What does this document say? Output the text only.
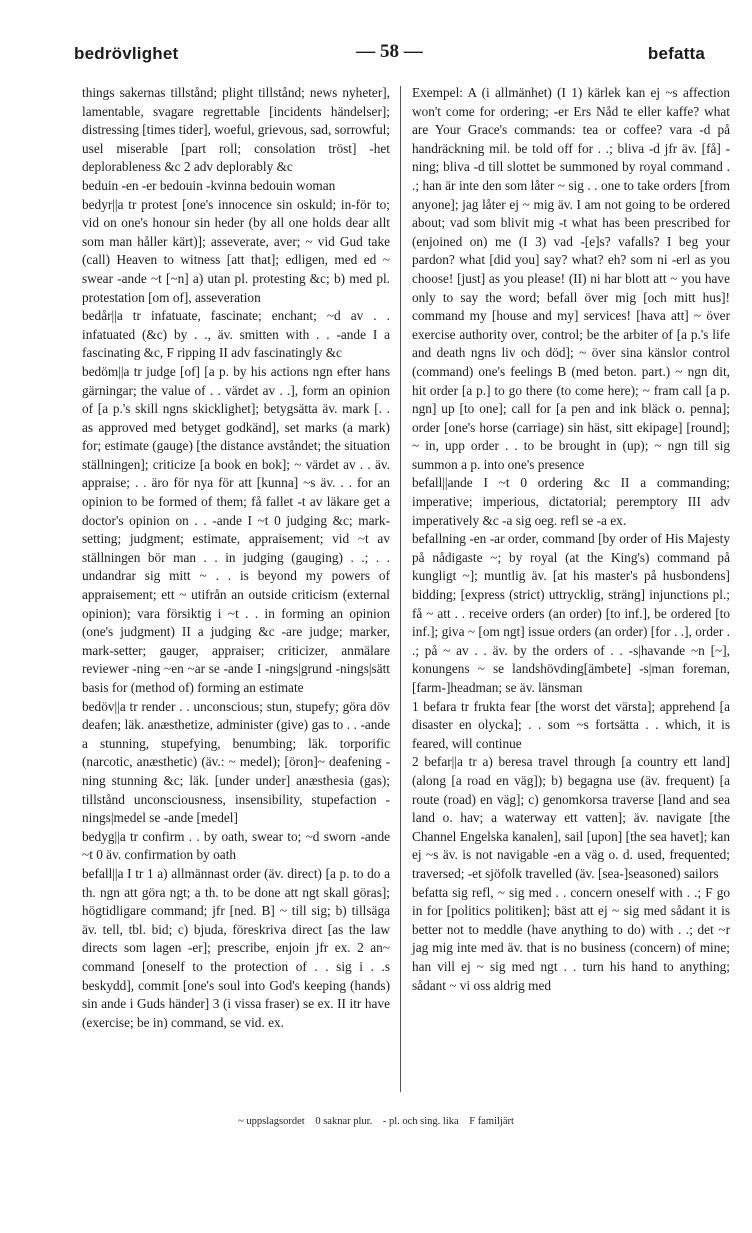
bedrövlighet	— 58 —	befatta

things sakernas tillstånd; plight tillstånd; news nyheter], lamentable, svagare regrettable [incidents händelser]; distressing [times tider], woeful, grievous, sad, sorrowful; usel miserable [part roll; consolation tröst] -het deplorableness &c 2 adv deplorably &c

beduin -en -er bedouin -kvinna bedouin woman

bedyr||a tr protest [one's innocence sin oskuld; in-för to; vid on one's honour sin heder (by all one holds dear allt som man håller kärt)]; asseverate, aver; ~ vid Gud take (call) Heaven to witness [att that]; edligen, med ed ~ swear -ande ~t [~n] a) utan pl. protesting &c; b) med pl. protestation [om of], asseveration

bedår||a tr infatuate, fascinate; enchant; ~d av . . infatuated (&c) by . ., äv. smitten with . . -ande I a fascinating &c, F ripping II adv fascinatingly &c

bedöm||a tr judge [of] [a p. by his actions ngn efter hans gärningar; the value of . . värdet av . .], form an opinion of [a p.'s skill ngns skicklighet]; betygsätta äv. mark [. . as approved med betyget godkänd], set marks (a mark) for; estimate (gauge) [the distance avståndet; the situation ställningen]; criticize [a book en bok]; ~ värdet av . . äv. appraise; . . äro för nya för att [kunna] ~s äv. . . for an opinion to be formed of them; få fallet -t av läkare get a doctor's opinion on . . -ande I ~t 0 judging &c; mark-setting; judgment; estimate, appraisement; vid ~t av ställningen bör man . . in judging (gauging) . .; . . undandrar sig mitt ~ . . is beyond my powers of appraisement; ett ~ utifrån an outside criticism (external opinion); vara försiktig i ~t . . in forming an opinion (one's judgment) II a judging &c -are judge; marker, mark-setter; gauger, appraiser; criticizer, anmälare reviewer -ning ~en ~ar se -ande I -nings|grund -nings|sätt basis for (method of) forming an estimate

bedöv||a tr render . . unconscious; stun, stupefy; göra döv deafen; läk. anæsthetize, administer (give) gas to . . -ande a stunning, stupefying, benumbing; läk. torporific (narcotic, anæsthetic) (äv.: ~ medel); [öron]~ deafening -ning stunning &c; läk. [under under] anæsthesia (gas); tillstånd unconsciousness, insensibility, stupefaction -nings|medel se -ande [medel]

bedyg||a tr confirm . . by oath, swear to; ~d sworn -ande ~t 0 äv. confirmation by oath

befall||a I tr 1 a) allmännast order (äv. direct) [a p. to do a th. ngn att göra ngt; a th. to be done att ngt skall göras]; högtidligare command; jfr [ned. B] ~ till sig; b) tillsäga äv. tell, tbl. bid; c) bjuda, föreskriva direct [as the law directs som lagen -er]; prescribe, enjoin jfr ex. 2 an~ command [oneself to the protection of . . sig i . .s beskydd], commit [one's soul into God's keeping (hands) sin ande i Guds händer] 3 (i vissa fraser) se ex. II itr have (exercise; be in) command, se vid. ex.

Exempel: A (i allmänhet) (I 1) kärlek kan ej ~s affection won't come for ordering; -er Ers Nåd te eller kaffe? what are Your Grace's commands: tea or coffee? vara -d på handräckning mil. be told off for . .; bliva -d jfr äv. [få] -ning; bliva -d till slottet be summoned by royal command . .; han är inte den som låter ~ sig . . one to take orders [from anyone]; jag låter ej ~ mig äv. I am not going to be ordered about; vad som blivit mig -t what has been prescribed for (enjoined on) me (I 3) vad -[e]s? vafalls? I beg your pardon? what [did you] say? what? eh? som ni -erl as you choose! [just] as you please! (II) ni har blott att ~ you have only to say the word; befall över mig [och mitt hus]! command my [house and my] services! [hava att] ~ över exercise authority over, control; be the arbiter of [a p.'s life and death ngns liv och död]; ~ över sina känslor control (command) one's feelings B (med beton. part.) ~ ngn dit, hit order [a p.] to go there (to come here); ~ fram call [a p. ngn] up [to one]; call for [a pen and ink bläck o. penna]; order [one's horse (carriage) sin häst, sitt ekipage] [round]; ~ in, upp order . . to be brought in (up); ~ ngn till sig summon a p. into one's presence

befall||ande I ~t 0 ordering &c II a commanding; imperative; imperious, dictatorial; peremptory III adv imperatively &c -a sig oeg. refl se -a ex.

befallning -en -ar order, command [by order of His Majesty på nådigaste ~; by royal (at the King's) command på kungligt ~]; muntlig äv. [at his master's på husbondens] bidding; [express (strict) uttrycklig, sträng] injunctions pl.; få ~ att . . receive orders (an order) [to inf.], be ordered [to inf.]; giva ~ [om ngt] issue orders (an order) [for . .], order . .; på ~ av . . äv. by the orders of . . -s|havande ~n [~], konungens ~ se landshövding[ämbete] -s|man foreman, [farm-]headman; se äv. länsman

1 befara tr frukta fear [the worst det värsta]; apprehend [a disaster en olycka]; . . som ~s fortsätta . . which, it is feared, will continue

2 befar||a tr a) beresa travel through [a country ett land] (along [a road en väg]); b) begagna use (äv. frequent) [a route (road) en väg]; c) genomkorsa traverse [land and sea land o. hav; a waterway ett vatten]; äv. navigate [the Channel Engelska kanalen], sail [upon] [the sea havet]; kan ej ~s äv. is not navigable -en a väg o. d. used, frequented; traversed; -et sjöfolk travelled (äv. [sea-]seasoned) sailors

befatta sig refl, ~ sig med . . concern oneself with . .; F go in for [politics politiken]; bäst att ej ~ sig med sådant it is better not to meddle (have anything to do) with . .; det ~r jag mig inte med äv. that is no business (concern) of mine; han vill ej ~ sig med ngt . . turn his hand to anything; sådant ~ vi oss aldrig med

~ uppslagsordet 0 saknar plur. - pl. och sing. lika F familjärt
